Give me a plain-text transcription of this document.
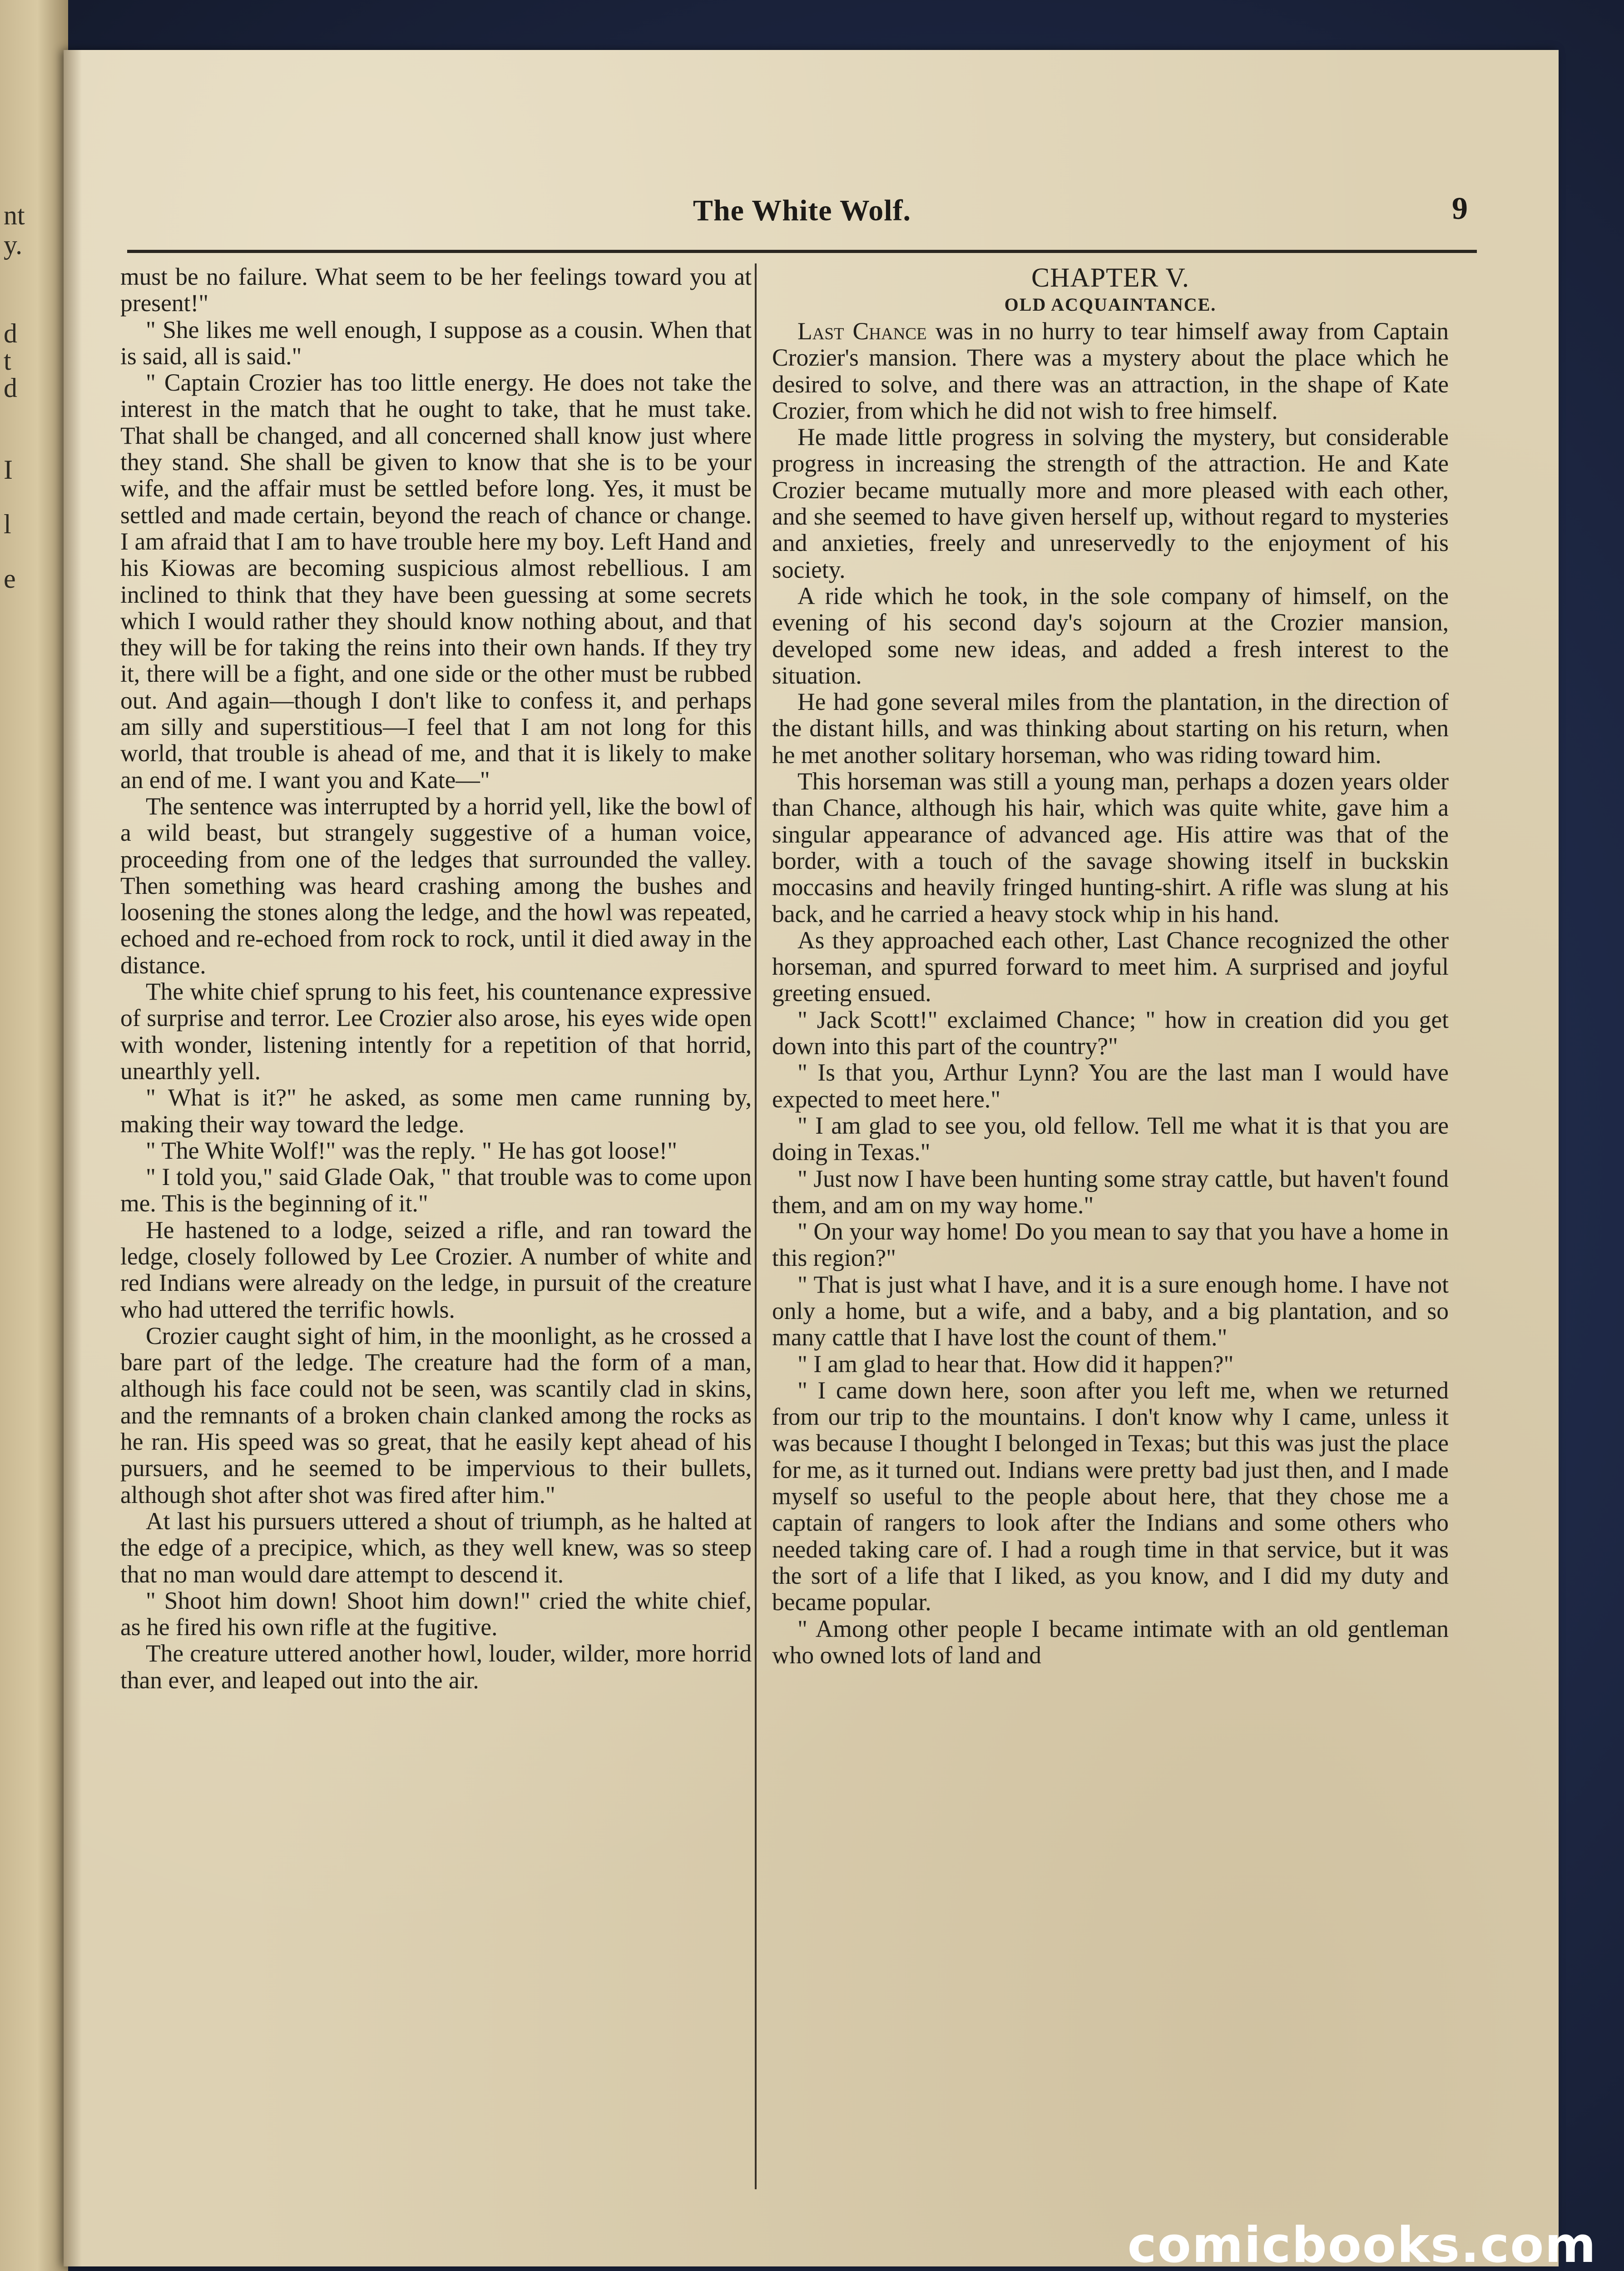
nt
y.
d
t
d
I
l
e
The White Wolf.	9

must be no failure. What seem to be her feelings toward you at present!"

" She likes me well enough, I suppose as a cousin. When that is said, all is said."

" Captain Crozier has too little energy. He does not take the interest in the match that he ought to take, that he must take. That shall be changed, and all concerned shall know just where they stand. She shall be given to know that she is to be your wife, and the affair must be settled before long. Yes, it must be settled and made certain, beyond the reach of chance or change. I am afraid that I am to have trouble here my boy. Left Hand and his Kiowas are becoming suspicious almost rebellious. I am inclined to think that they have been guessing at some secrets which I would rather they should know nothing about, and that they will be for taking the reins into their own hands. If they try it, there will be a fight, and one side or the other must be rubbed out. And again—though I don't like to confess it, and perhaps am silly and superstitious—I feel that I am not long for this world, that trouble is ahead of me, and that it is likely to make an end of me. I want you and Kate—"

The sentence was interrupted by a horrid yell, like the bowl of a wild beast, but strangely suggestive of a human voice, proceeding from one of the ledges that surrounded the valley. Then something was heard crashing among the bushes and loosening the stones along the ledge, and the howl was repeated, echoed and re-echoed from rock to rock, until it died away in the distance.

The white chief sprung to his feet, his countenance expressive of surprise and terror. Lee Crozier also arose, his eyes wide open with wonder, listening intently for a repetition of that horrid, unearthly yell.

" What is it?" he asked, as some men came running by, making their way toward the ledge.

" The White Wolf!" was the reply. " He has got loose!"

" I told you," said Glade Oak, " that trouble was to come upon me. This is the beginning of it."

He hastened to a lodge, seized a rifle, and ran toward the ledge, closely followed by Lee Crozier. A number of white and red Indians were already on the ledge, in pursuit of the creature who had uttered the terrific howls.

Crozier caught sight of him, in the moonlight, as he crossed a bare part of the ledge. The creature had the form of a man, although his face could not be seen, was scantily clad in skins, and the remnants of a broken chain clanked among the rocks as he ran. His speed was so great, that he easily kept ahead of his pursuers, and he seemed to be impervious to their bullets, although shot after shot was fired after him."

At last his pursuers uttered a shout of triumph, as he halted at the edge of a precipice, which, as they well knew, was so steep that no man would dare attempt to descend it.

" Shoot him down! Shoot him down!" cried the white chief, as he fired his own rifle at the fugitive.

The creature uttered another howl, louder, wilder, more horrid than ever, and leaped out into the air.

CHAPTER V.

OLD ACQUAINTANCE.

Last Chance was in no hurry to tear himself away from Captain Crozier's mansion. There was a mystery about the place which he desired to solve, and there was an attraction, in the shape of Kate Crozier, from which he did not wish to free himself.

He made little progress in solving the mystery, but considerable progress in increasing the strength of the attraction. He and Kate Crozier became mutually more and more pleased with each other, and she seemed to have given herself up, without regard to mysteries and anxieties, freely and unreservedly to the enjoyment of his society.

A ride which he took, in the sole company of himself, on the evening of his second day's sojourn at the Crozier mansion, developed some new ideas, and added a fresh interest to the situation.

He had gone several miles from the plantation, in the direction of the distant hills, and was thinking about starting on his return, when he met another solitary horseman, who was riding toward him.

This horseman was still a young man, perhaps a dozen years older than Chance, although his hair, which was quite white, gave him a singular appearance of advanced age. His attire was that of the border, with a touch of the savage showing itself in buckskin moccasins and heavily fringed hunting-shirt. A rifle was slung at his back, and he carried a heavy stock whip in his hand.

As they approached each other, Last Chance recognized the other horseman, and spurred forward to meet him. A surprised and joyful greeting ensued.

" Jack Scott!" exclaimed Chance; " how in creation did you get down into this part of the country?"

" Is that you, Arthur Lynn? You are the last man I would have expected to meet here."

" I am glad to see you, old fellow. Tell me what it is that you are doing in Texas."

" Just now I have been hunting some stray cattle, but haven't found them, and am on my way home."

" On your way home! Do you mean to say that you have a home in this region?"

" That is just what I have, and it is a sure enough home. I have not only a home, but a wife, and a baby, and a big plantation, and so many cattle that I have lost the count of them."

" I am glad to hear that. How did it happen?"

" I came down here, soon after you left me, when we returned from our trip to the mountains. I don't know why I came, unless it was because I thought I belonged in Texas; but this was just the place for me, as it turned out. Indians were pretty bad just then, and I made myself so useful to the people about here, that they chose me a captain of rangers to look after the Indians and some others who needed taking care of. I had a rough time in that service, but it was the sort of a life that I liked, as you know, and I did my duty and became popular.

" Among other people I became intimate with an old gentleman who owned lots of land and

comicbooks.com
